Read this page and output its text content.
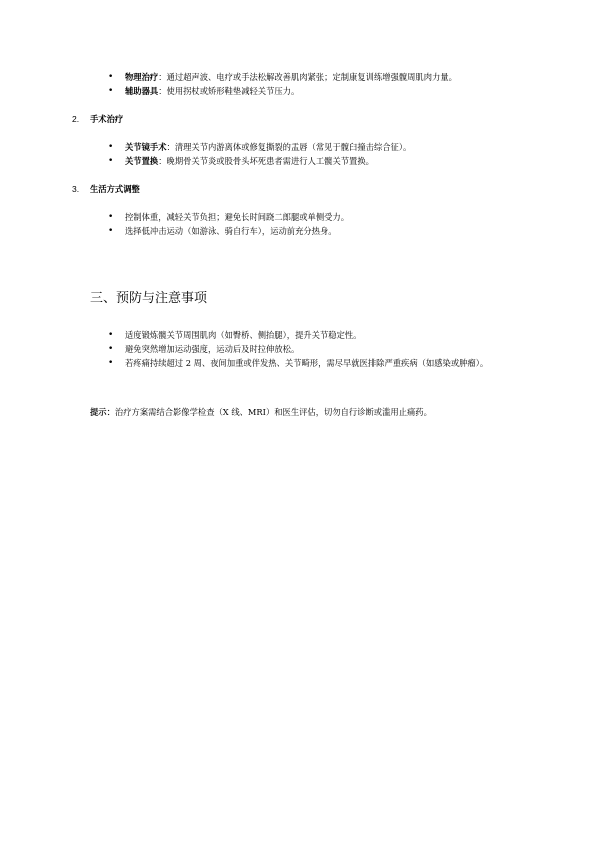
• 物理治疗：通过超声波、电疗或手法松解改善肌肉紧张；定制康复训练增强髋周肌肉力量。
• 辅助器具：使用拐杖或矫形鞋垫减轻关节压力。
2. 手术治疗
• 关节镜手术：清理关节内游离体或修复撕裂的盂唇（常见于髋臼撞击综合征）。
• 关节置换：晚期骨关节炎或股骨头坏死患者需进行人工髋关节置换。
3. 生活方式调整
• 控制体重，减轻关节负担；避免长时间跷二郎腿或单侧受力。
• 选择低冲击运动（如游泳、骑自行车），运动前充分热身。
三、预防与注意事项
• 适度锻炼髋关节周围肌肉（如臀桥、侧抬腿），提升关节稳定性。
• 避免突然增加运动强度，运动后及时拉伸放松。
• 若疼痛持续超过 2 周、夜间加重或伴发热、关节畸形，需尽早就医排除严重疾病（如感染或肿瘤）。
提示：治疗方案需结合影像学检查（X 线、MRI）和医生评估，切勿自行诊断或滥用止痛药。
